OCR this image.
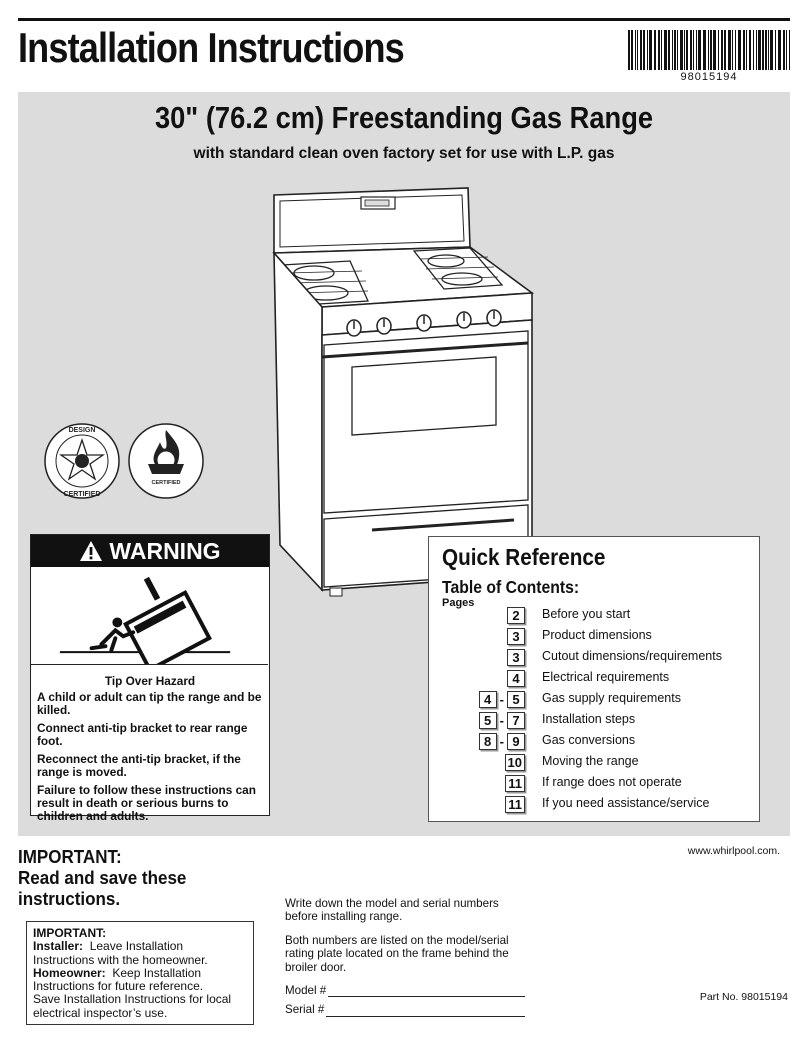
Installation Instructions
98015194
30" (76.2 cm) Freestanding Gas Range
with standard clean oven factory set for use with L.P. gas
DESIGN
CERTIFIED
CERTIFIED
WARNING
Tip Over Hazard

A child or adult can tip the range and be killed.

Connect anti-tip bracket to rear range foot.

Reconnect the anti-tip bracket, if the range is moved.

Failure to follow these instructions can result in death or serious burns to children and adults.

Quick Reference
Table of Contents:
Pages
2	Before you start
3	Product dimensions
3	Cutout dimensions/requirements
4	Electrical requirements
4 - 5	Gas supply requirements
5 - 7	Installation steps
8 - 9	Gas conversions
10 Moving the range
11 If range does not operate
11 If you need assistance/service
IMPORTANT:
Read and save these
instructions.
IMPORTANT:
Installer: Leave Installation Instructions with the homeowner.
Homeowner: Keep Installation Instructions for future reference.
Save Installation Instructions for local electrical inspector’s use.

Write down the model and serial numbers before installing range.

Both numbers are listed on the model/serial rating plate located on the frame behind the broiler door.

Model #
Serial #
www.whirlpool.com.
Part No. 98015194
